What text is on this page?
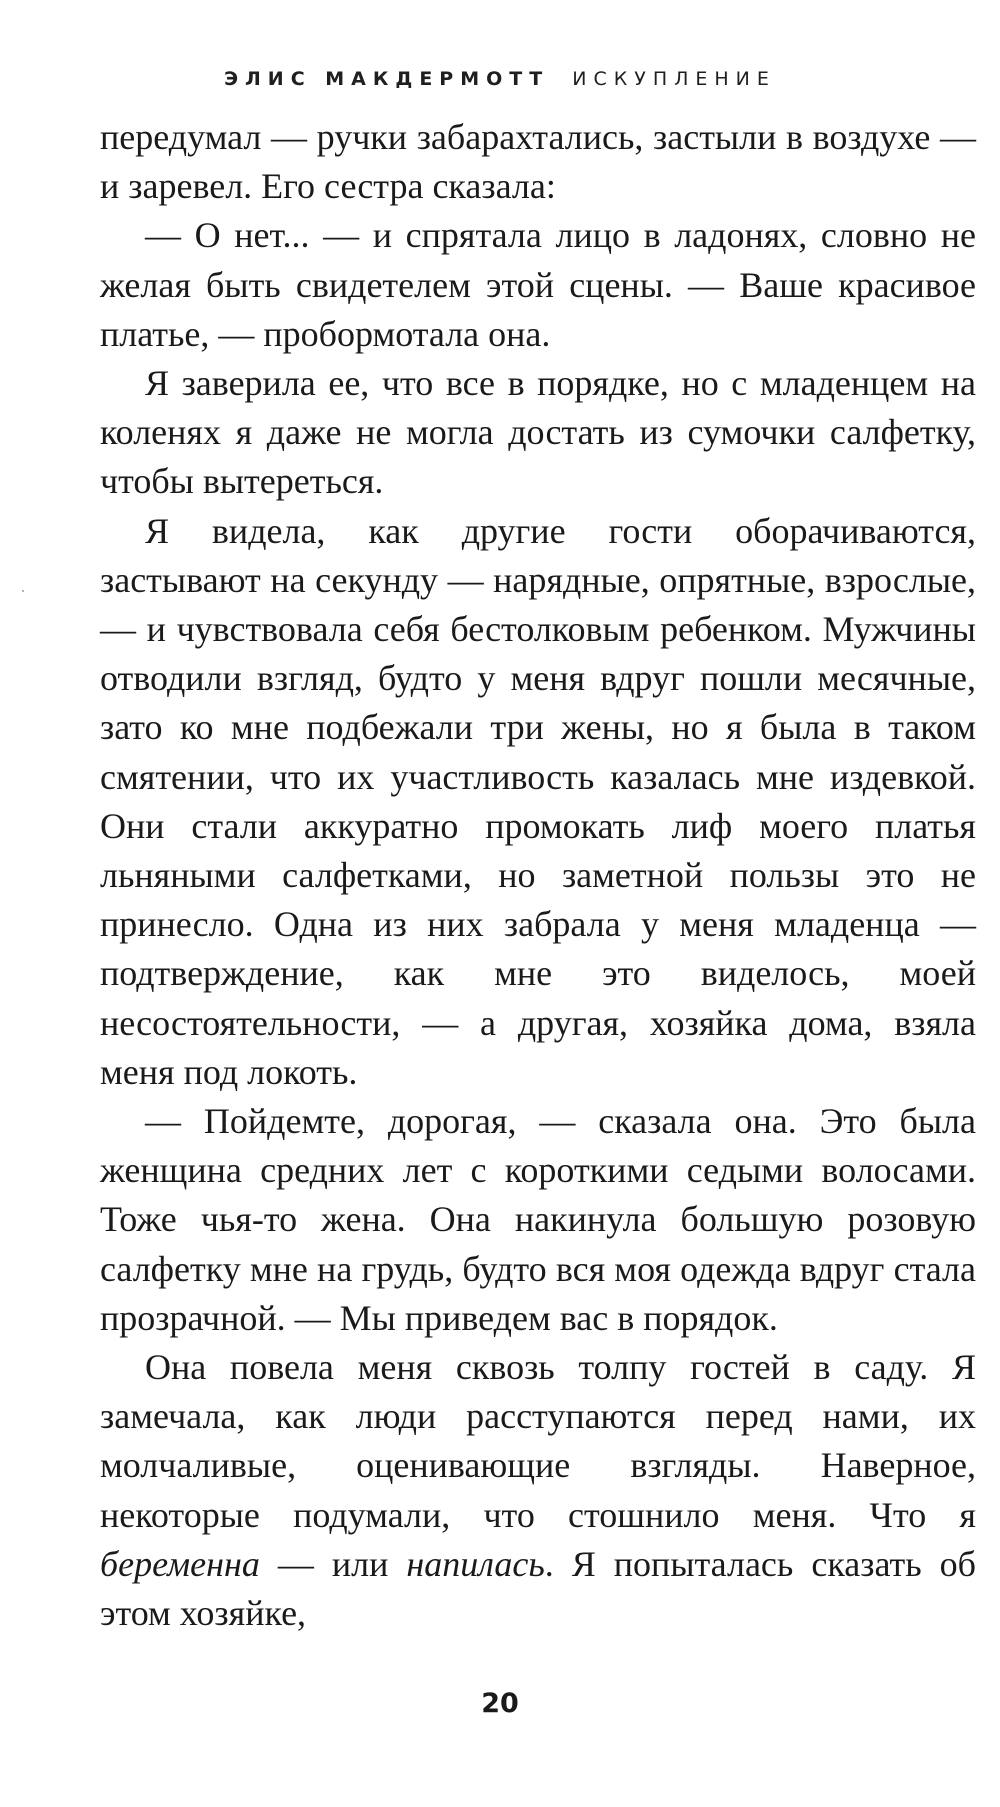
ЭЛИС МАКДЕРМОТТ ИСКУПЛЕНИЕ

передумал — ручки забарахтались, застыли в воздухе — и заревел. Его сестра сказала:

— О нет... — и спрятала лицо в ладонях, словно не желая быть свидетелем этой сцены. — Ваше красивое платье, — пробормотала она.

Я заверила ее, что все в порядке, но с младенцем на коленях я даже не могла достать из сумочки салфетку, чтобы вытереться.

Я видела, как другие гости оборачиваются, застывают на секунду — нарядные, опрятные, взрослые, — и чувствовала себя бестолковым ребенком. Мужчины отводили взгляд, будто у меня вдруг пошли месячные, зато ко мне подбежали три жены, но я была в таком смятении, что их участливость казалась мне издевкой. Они стали аккуратно промокать лиф моего платья льняными салфетками, но заметной пользы это не принесло. Одна из них забрала у меня младенца — подтверждение, как мне это виделось, моей несостоятельности, — а другая, хозяйка дома, взяла меня под локоть.

— Пойдемте, дорогая, — сказала она. Это была женщина средних лет с короткими седыми волосами. Тоже чья-то жена. Она накинула большую розовую салфетку мне на грудь, будто вся моя одежда вдруг стала прозрачной. — Мы приведем вас в порядок.

Она повела меня сквозь толпу гостей в саду. Я замечала, как люди расступаются перед нами, их молчаливые, оценивающие взгляды. Наверное, некоторые подумали, что стошнило меня. Что я беременна — или напилась. Я попыталась сказать об этом хозяйке,

20
